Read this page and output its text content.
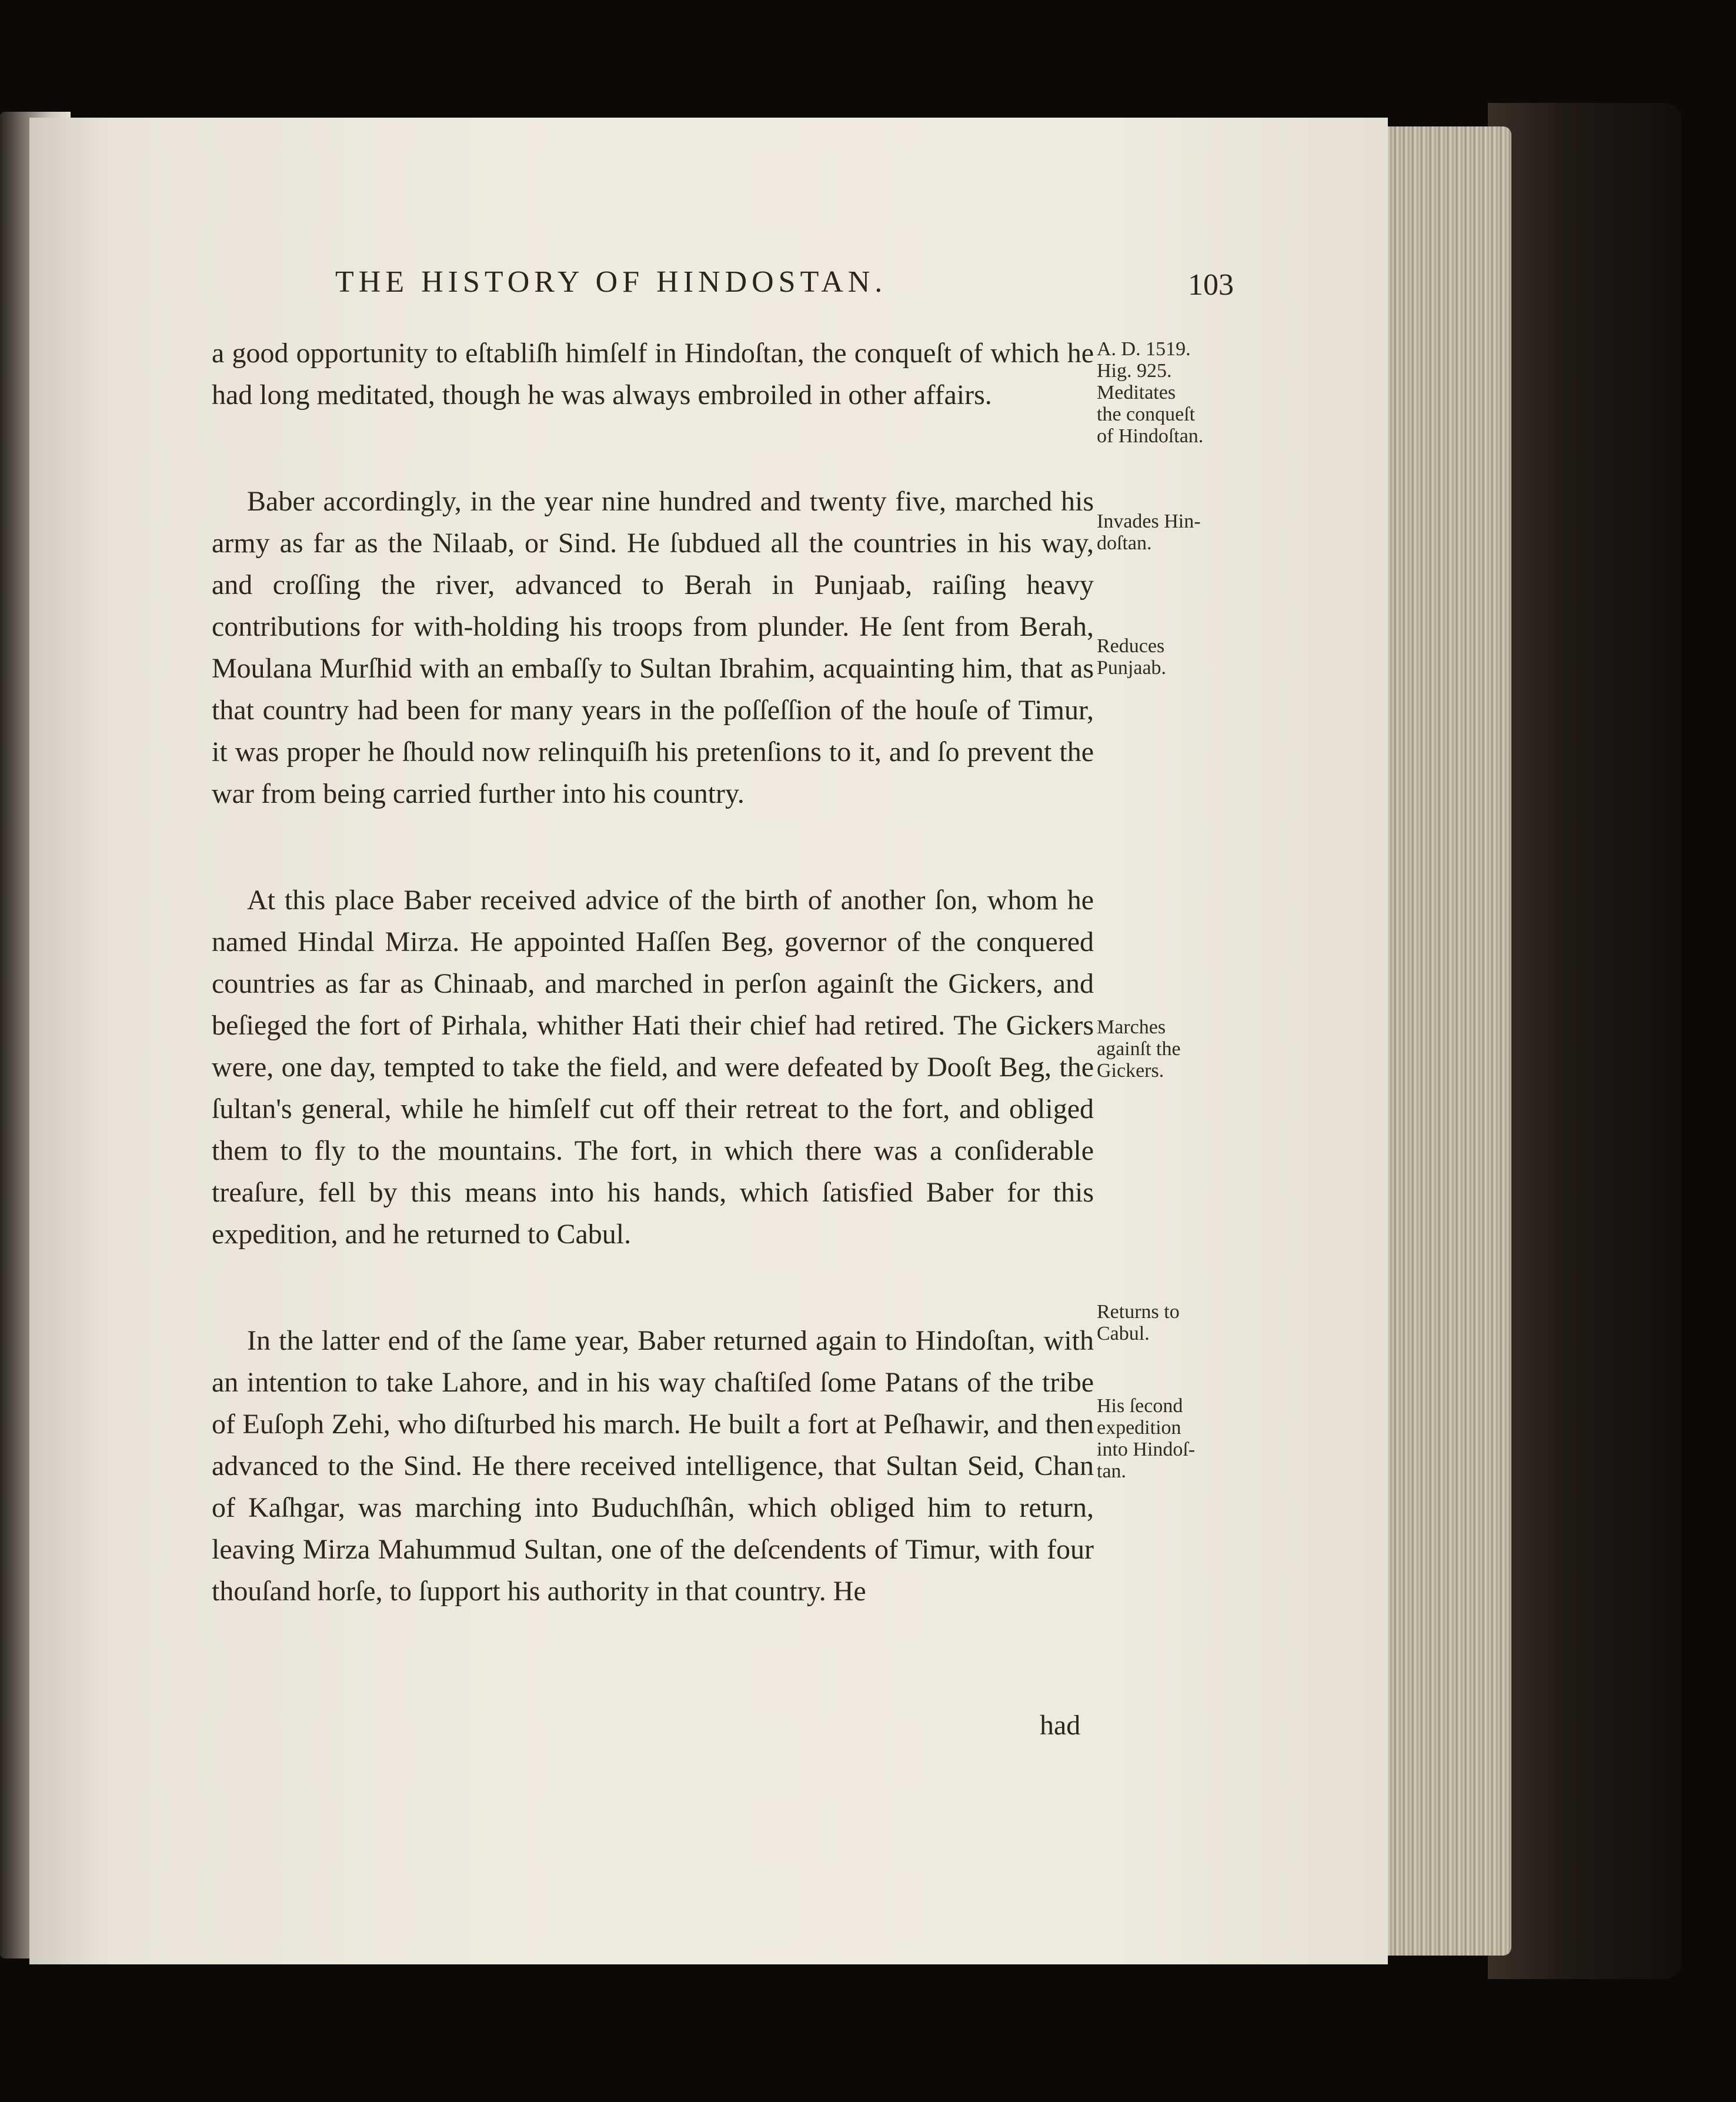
THE HISTORY OF HINDOSTAN.	103

a good opportunity to eſtabliſh himſelf in Hindoſtan, the conqueſt of which he had long meditated, though he was always embroiled in other affairs.

Baber accordingly, in the year nine hundred and twenty five, marched his army as far as the Nilaab, or Sind. He ſubdued all the countries in his way, and croſſing the river, advanced to Berah in Punjaab, raiſing heavy contributions for with-holding his troops from plunder. He ſent from Berah, Moulana Murſhid with an embaſſy to Sultan Ibrahim, acquainting him, that as that country had been for many years in the poſſeſſion of the houſe of Timur, it was proper he ſhould now relinquiſh his pretenſions to it, and ſo prevent the war from being carried further into his country.

At this place Baber received advice of the birth of another ſon, whom he named Hindal Mirza. He appointed Haſſen Beg, governor of the conquered countries as far as Chinaab, and marched in perſon againſt the Gickers, and beſieged the fort of Pirhala, whither Hati their chief had retired. The Gickers were, one day, tempted to take the field, and were defeated by Dooſt Beg, the ſultan's general, while he himſelf cut off their retreat to the fort, and obliged them to fly to the mountains. The fort, in which there was a conſiderable treaſure, fell by this means into his hands, which ſatisfied Baber for this expedition, and he returned to Cabul.

In the latter end of the ſame year, Baber returned again to Hindoſtan, with an intention to take Lahore, and in his way chaſtiſed ſome Patans of the tribe of Euſoph Zehi, who diſturbed his march. He built a fort at Peſhawir, and then advanced to the Sind. He there received intelligence, that Sultan Seid, Chan of Kaſhgar, was marching into Buduchſhân, which obliged him to return, leaving Mirza Mahummud Sultan, one of the deſcendents of Timur, with four thouſand horſe, to ſupport his authority in that country. He

had
A. D. 1519.
Hig. 925.
Meditates
the conqueſt
of Hindoſtan.
Invades Hin-
doſtan.
Reduces
Punjaab.
Marches
againſt the
Gickers.
Returns to
Cabul.
His ſecond
expedition
into Hindoſ-
tan.
